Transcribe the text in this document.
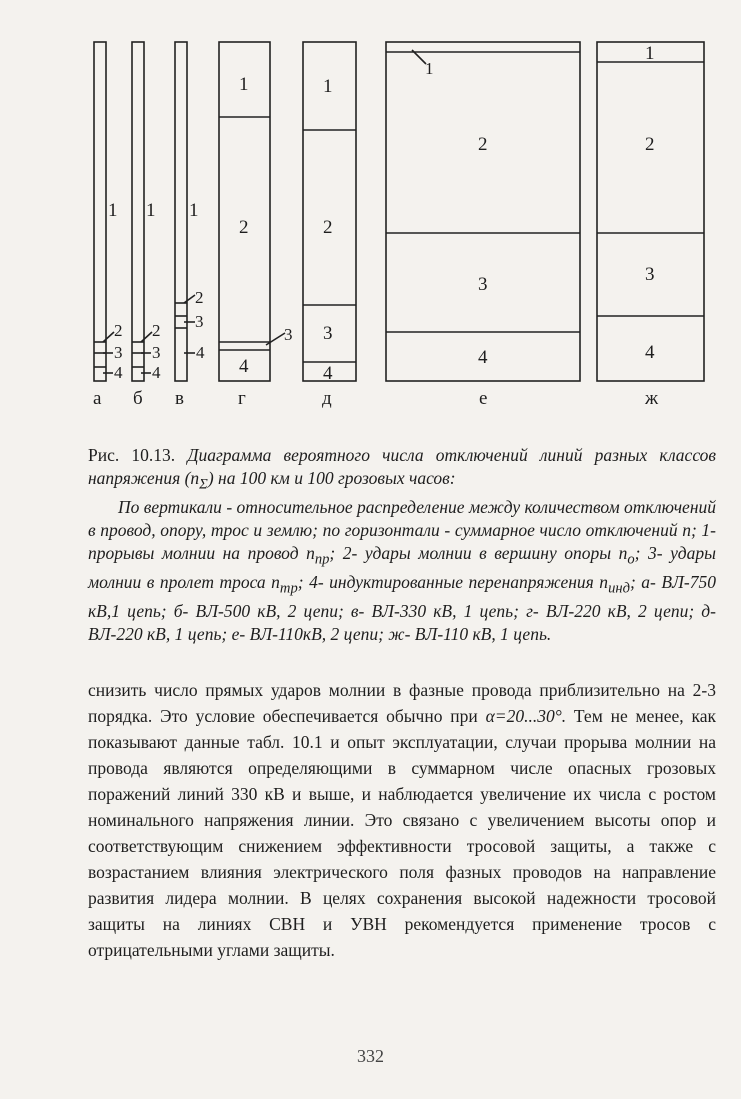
1
2
3
4
а
1
2
3
4
б
1
2
3
4
в
1
2
3
4
г
1
2
3
4
д
1
2
3
4
е
1
2
3
4
ж

Рис. 10.13. Диаграмма вероятного числа отключений линий разных классов напряжения $(n_\Sigma)$ на 100 км и 100 грозовых часов:

По вертикали - относительное распределение между количеством отключений в провод, опору, трос и землю; по горизонтали - суммарное число отключений n; 1- прорывы молнии на провод $n_{пр}$; 2- удары молнии в вершину опоры $n_о$; 3- удары молнии в пролет троса $n_{тр}$; 4- индуктированные перенапряжения $n_{инд}$; а- ВЛ-750 кВ,1 цепь; б- ВЛ-500 кВ, 2 цепи; в- ВЛ-330 кВ, 1 цепь; г- ВЛ-220 кВ, 2 цепи; д- ВЛ-220 кВ, 1 цепь; е- ВЛ-110кВ, 2 цепи; ж- ВЛ-110 кВ, 1 цепь.

снизить число прямых ударов молнии в фазные провода приблизительно на 2-3 порядка. Это условие обеспечивается обычно при α=20...30°. Тем не менее, как показывают данные табл. 10.1 и опыт эксплуатации, случаи прорыва молнии на провода являются определяющими в суммарном числе опасных грозовых поражений линий 330 кВ и выше, и наблюдается увеличение их числа с ростом номинального напряжения линии. Это связано с увеличением высоты опор и соответствующим снижением эффективности тросовой защиты, а также с возрастанием влияния электрического поля фазных проводов на направление развития лидера молнии. В целях сохранения высокой надежности тросовой защиты на линиях СВН и УВН рекомендуется применение тросов с отрицательными углами защиты.
332
